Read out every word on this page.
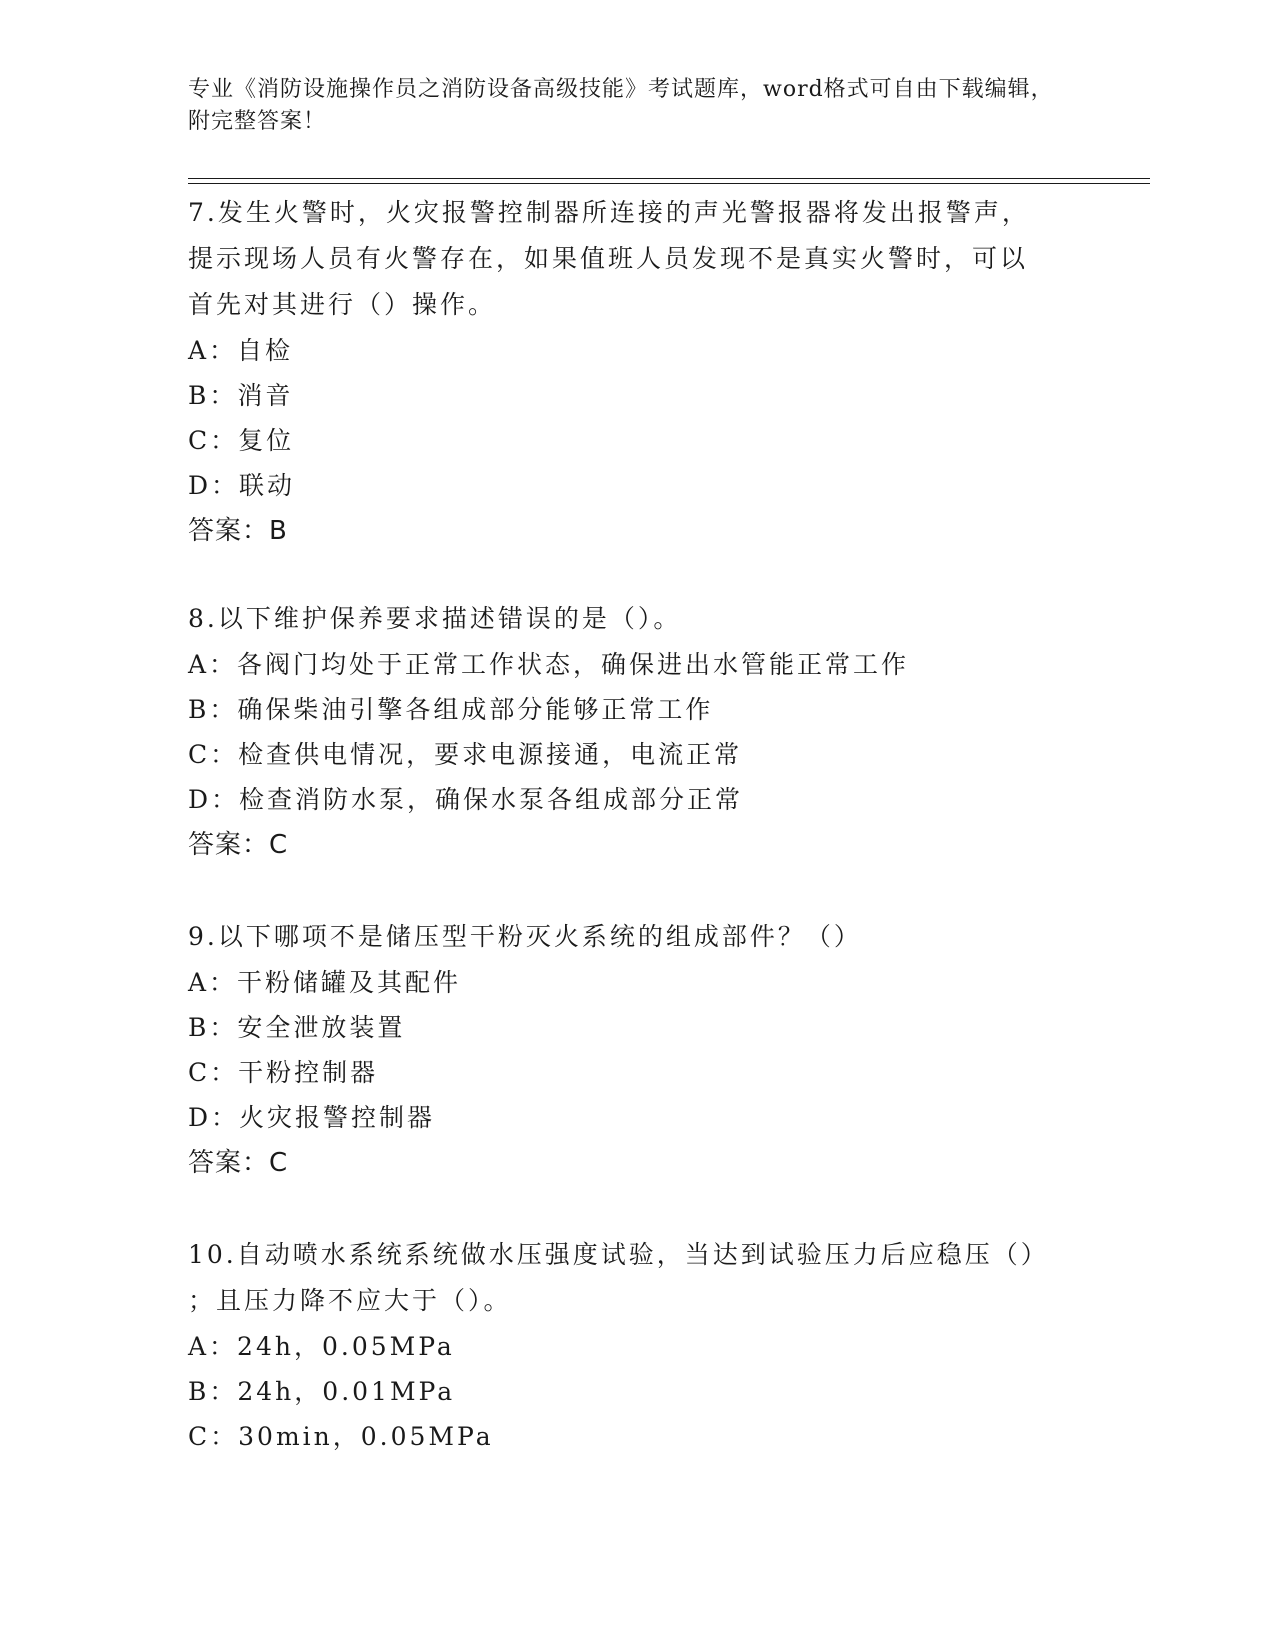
专业《消防设施操作员之消防设备高级技能》考试题库，word格式可自由下载编辑，附完整答案！

7.发生火警时，火灾报警控制器所连接的声光警报器将发出报警声，

提示现场人员有火警存在，如果值班人员发现不是真实火警时，可以

首先对其进行（）操作。

A：自检

B：消音

C：复位

D：联动

答案：B

8.以下维护保养要求描述错误的是（）。

A：各阀门均处于正常工作状态，确保进出水管能正常工作

B：确保柴油引擎各组成部分能够正常工作

C：检查供电情况，要求电源接通，电流正常

D：检查消防水泵，确保水泵各组成部分正常

答案：C

9.以下哪项不是储压型干粉灭火系统的组成部件？（）

A：干粉储罐及其配件

B：安全泄放装置

C：干粉控制器

D：火灾报警控制器

答案：C

10.自动喷水系统系统做水压强度试验，当达到试验压力后应稳压（）

；且压力降不应大于（）。

A：24h，0.05MPa

B：24h，0.01MPa

C：30min，0.05MPa
